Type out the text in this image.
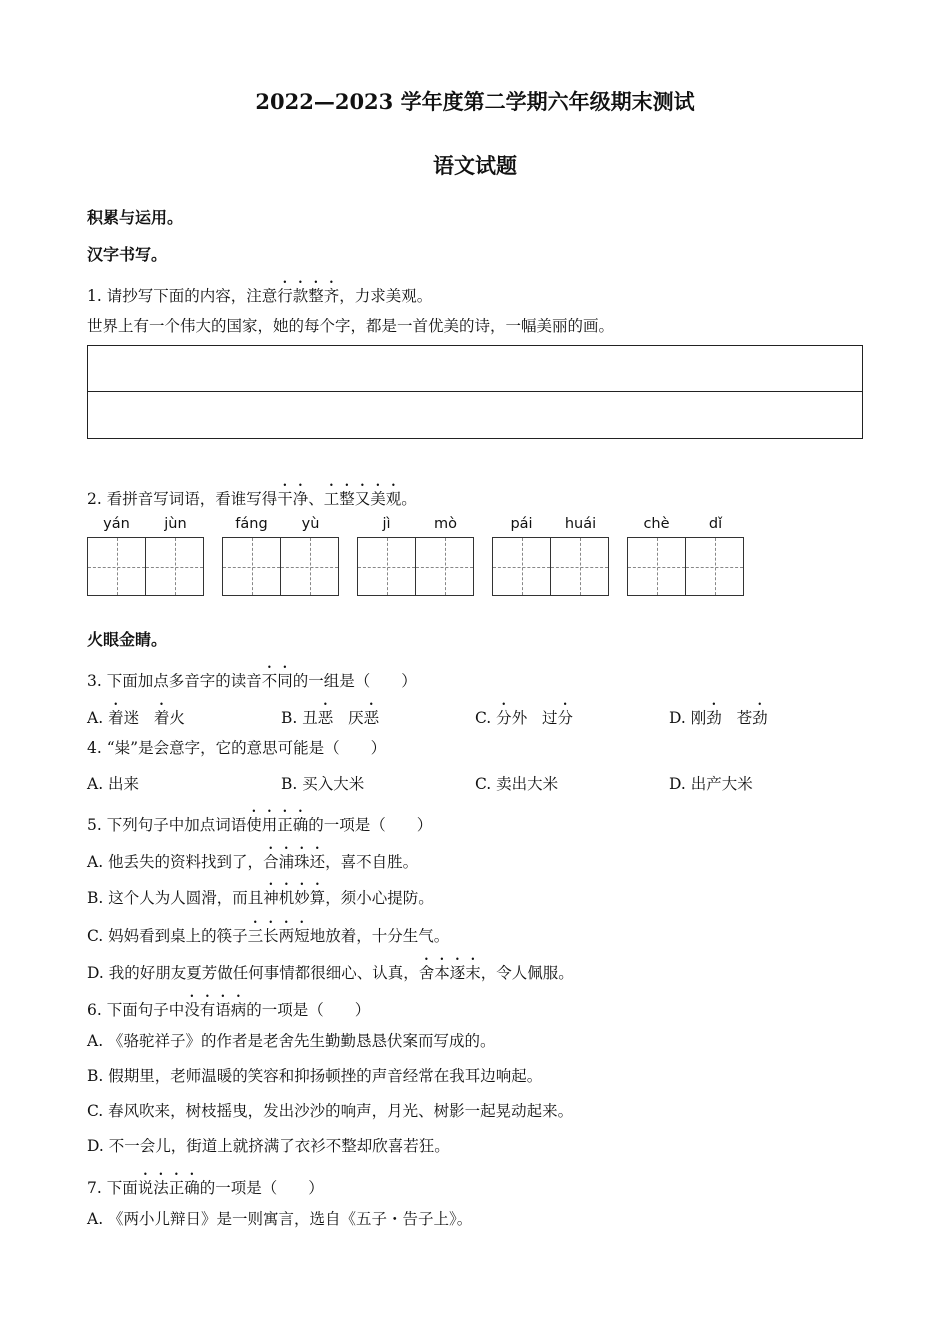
2022—2023 学年度第二学期六年级期末测试
语文试题
积累与运用。
汉字书写。
1. 请抄写下面的内容，注意行款整齐，力求美观。
世界上有一个伟大的国家，她的每个字，都是一首优美的诗，一幅美丽的画。
2. 看拼音写词语，看谁写得干净、工整又美观。
yán	jùn	fáng	yù	jì	mò	pái	huái	chè	dǐ
火眼金睛。
3. 下面加点多音字的读音不同的一组是（　　）
A. 着迷 着火	B. 丑恶 厌恶	C. 分外 过分	D. 刚劲 苍劲
4. “粜”是会意字，它的意思可能是（　　）
A. 出来	B. 买入大米	C. 卖出大米	D. 出产大米
5. 下列句子中加点词语使用正确的一项是（　　）
A. 他丢失的资料找到了，合浦珠还，喜不自胜。
B. 这个人为人圆滑，而且神机妙算，须小心提防。
C. 妈妈看到桌上的筷子三长两短地放着，十分生气。
D. 我的好朋友夏芳做任何事情都很细心、认真，舍本逐末，令人佩服。
6. 下面句子中没有语病的一项是（　　）
A. 《骆驼祥子》的作者是老舍先生勤勤恳恳伏案而写成的。
B. 假期里，老师温暖的笑容和抑扬顿挫的声音经常在我耳边响起。
C. 春风吹来，树枝摇曳，发出沙沙的响声，月光、树影一起晃动起来。
D. 不一会儿，街道上就挤满了衣衫不整却欣喜若狂。
7. 下面说法正确的一项是（　　）
A. 《两小儿辩日》是一则寓言，选自《五子・告子上》。
